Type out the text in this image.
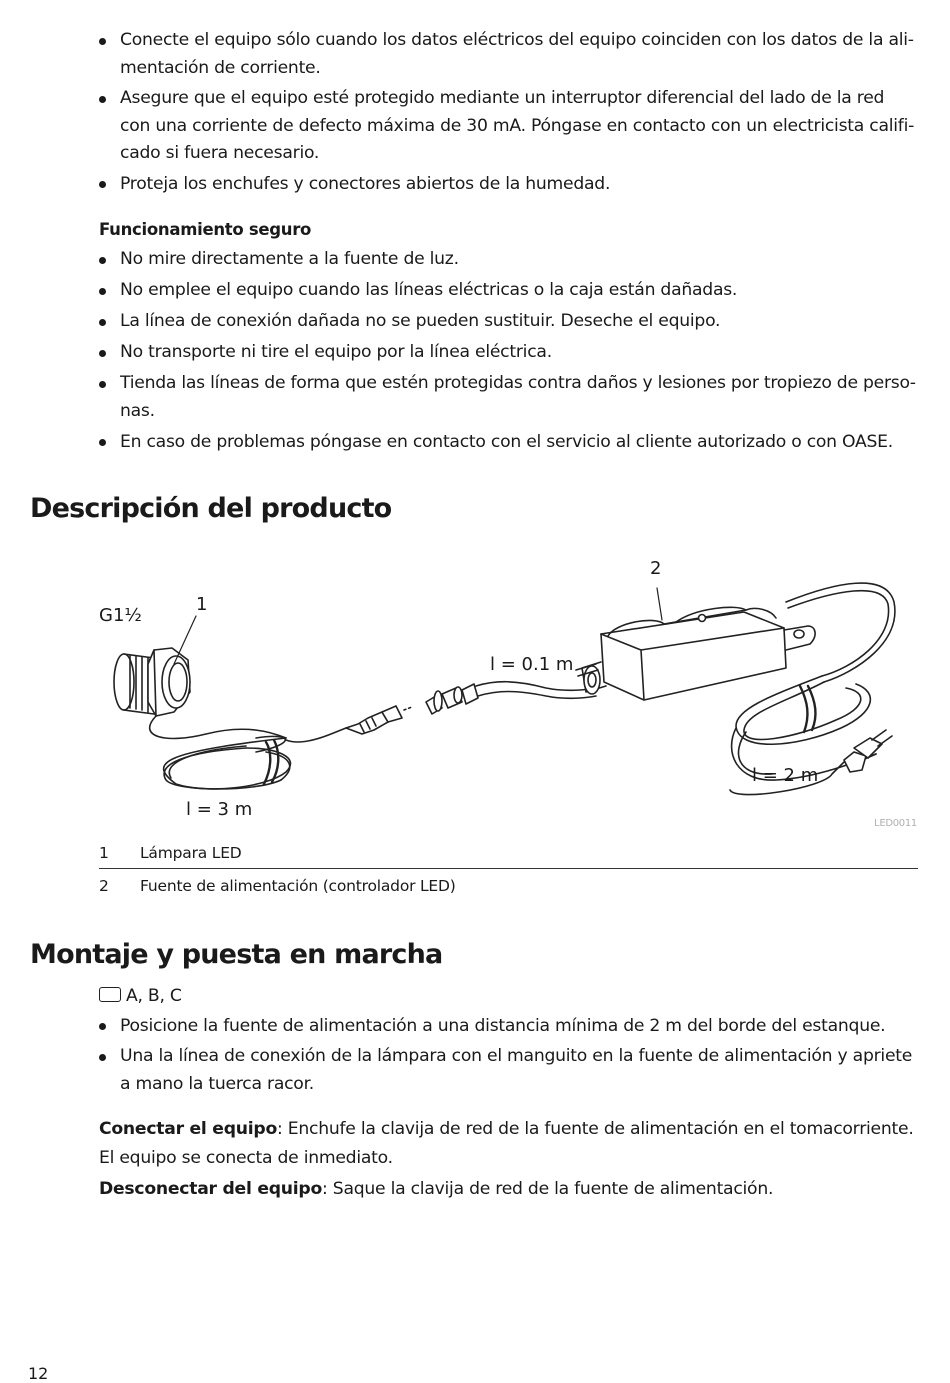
Conecte el equipo sólo cuando los datos eléctricos del equipo coinciden con los datos de la alimentación de corriente.
Asegure que el equipo esté protegido mediante un interruptor diferencial del lado de la red con una corriente de defecto máxima de 30 mA. Póngase en contacto con un electricista calificado si fuera necesario.
Proteja los enchufes y conectores abiertos de la humedad.
Funcionamiento seguro
No mire directamente a la fuente de luz.
No emplee el equipo cuando las líneas eléctricas o la caja están dañadas.
La línea de conexión dañada no se pueden sustituir. Deseche el equipo.
No transporte ni tire el equipo por la línea eléctrica.
Tienda las líneas de forma que estén protegidas contra daños y lesiones por tropiezo de personas.
En caso de problemas póngase en contacto con el servicio al cliente autorizado o con OASE.
Descripción del producto
G1½
1
2
l = 0.1 m
l = 3 m
l = 2 m
LED0011
1	Lámpara LED
2	Fuente de alimentación (controlador LED)
Montaje y puesta en marcha
A, B, C
Posicione la fuente de alimentación a una distancia mínima de 2 m del borde del estanque.
Una la línea de conexión de la lámpara con el manguito en la fuente de alimentación y apriete a mano la tuerca racor.

Conectar el equipo: Enchufe la clavija de red de la fuente de alimentación en el tomacorriente. El equipo se conecta de inmediato.

Desconectar del equipo: Saque la clavija de red de la fuente de alimentación.

12
